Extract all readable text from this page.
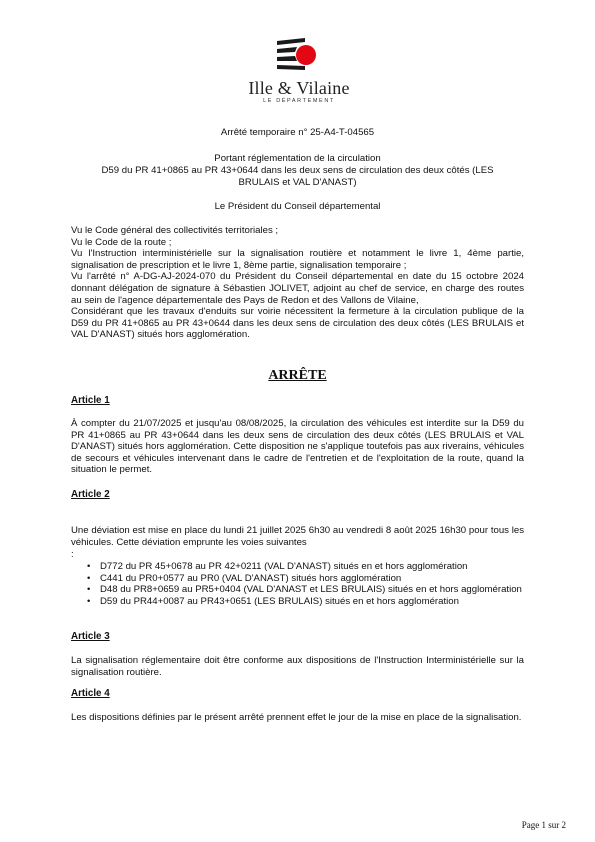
Ille & Vilaine
LE DÉPARTEMENT
Arrêté temporaire n° 25-A4-T-04565
Portant réglementation de la circulation
D59 du PR 41+0865 au PR 43+0644 dans les deux sens de circulation des deux côtés (LES
BRULAIS et VAL D'ANAST)
Le Président du Conseil départemental

Vu le Code général des collectivités territoriales ;

Vu le Code de la route ;

Vu l'Instruction interministérielle sur la signalisation routière et notamment le livre 1, 4ème partie, signalisation de prescription et le livre 1, 8ème partie, signalisation temporaire ;

Vu l'arrêté n° A-DG-AJ-2024-070 du Président du Conseil départemental en date du 15 octobre 2024 donnant délégation de signature à Sébastien JOLIVET, adjoint au chef de service, en charge des routes au sein de l'agence départementale des Pays de Redon et des Vallons de Vilaine,

Considérant que les travaux d'enduits sur voirie nécessitent la fermeture à la circulation publique de la D59 du PR 41+0865 au PR 43+0644 dans les deux sens de circulation des deux côtés (LES BRULAIS et VAL D'ANAST) situés hors agglomération.

ARRÊTE
Article 1
À compter du 21/07/2025 et jusqu'au 08/08/2025, la circulation des véhicules est interdite sur la D59 du PR 41+0865 au PR 43+0644 dans les deux sens de circulation des deux côtés (LES BRULAIS et VAL D'ANAST) situés hors agglomération. Cette disposition ne s'applique toutefois pas aux riverains, véhicules de secours et véhicules intervenant dans le cadre de l'entretien et de l'exploitation de la route, quand la situation le permet.
Article 2
Une déviation est mise en place du lundi 21 juillet 2025 6h30 au vendredi 8 août 2025 16h30 pour tous les véhicules. Cette déviation emprunte les voies suivantes
:
• D772 du PR 45+0678 au PR 42+0211 (VAL D'ANAST) situés en et hors agglomération
• C441 du PR0+0577 au PR0 (VAL D'ANAST) situés hors agglomération
• D48 du PR8+0659 au PR5+0404 (VAL D'ANAST et LES BRULAIS) situés en et hors agglomération
• D59 du PR44+0087 au PR43+0651 (LES BRULAIS) situés en et hors agglomération
Article 3
La signalisation réglementaire doit être conforme aux dispositions de l'Instruction Interministérielle sur la signalisation routière.
Article 4
Les dispositions définies par le présent arrêté prennent effet le jour de la mise en place de la signalisation.
Page 1 sur 2
